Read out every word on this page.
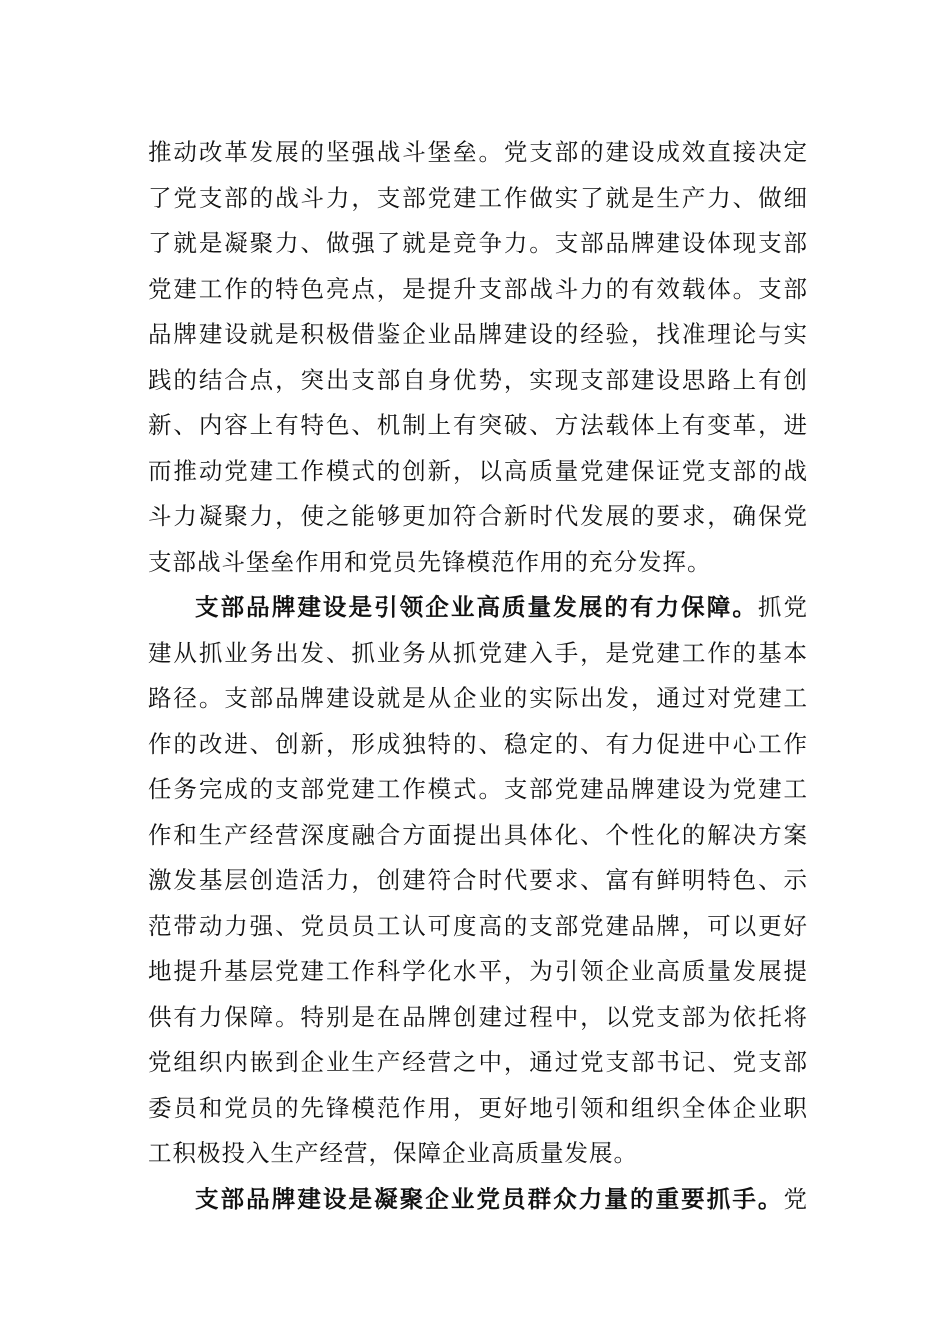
推动改革发展的坚强战斗堡垒。党支部的建设成效直接决定
了党支部的战斗力，支部党建工作做实了就是生产力、做细
了就是凝聚力、做强了就是竞争力。支部品牌建设体现支部
党建工作的特色亮点，是提升支部战斗力的有效载体。支部
品牌建设就是积极借鉴企业品牌建设的经验，找准理论与实
践的结合点，突出支部自身优势，实现支部建设思路上有创
新、内容上有特色、机制上有突破、方法载体上有变革，进
而推动党建工作模式的创新，以高质量党建保证党支部的战
斗力凝聚力，使之能够更加符合新时代发展的要求，确保党
支部战斗堡垒作用和党员先锋模范作用的充分发挥。
支部品牌建设是引领企业高质量发展的有力保障。抓党
建从抓业务出发、抓业务从抓党建入手，是党建工作的基本
路径。支部品牌建设就是从企业的实际出发，通过对党建工
作的改进、创新，形成独特的、稳定的、有力促进中心工作
任务完成的支部党建工作模式。支部党建品牌建设为党建工
作和生产经营深度融合方面提出具体化、个性化的解决方案
激发基层创造活力，创建符合时代要求、富有鲜明特色、示
范带动力强、党员员工认可度高的支部党建品牌，可以更好
地提升基层党建工作科学化水平，为引领企业高质量发展提
供有力保障。特别是在品牌创建过程中，以党支部为依托将
党组织内嵌到企业生产经营之中，通过党支部书记、党支部
委员和党员的先锋模范作用，更好地引领和组织全体企业职
工积极投入生产经营，保障企业高质量发展。
支部品牌建设是凝聚企业党员群众力量的重要抓手。党
